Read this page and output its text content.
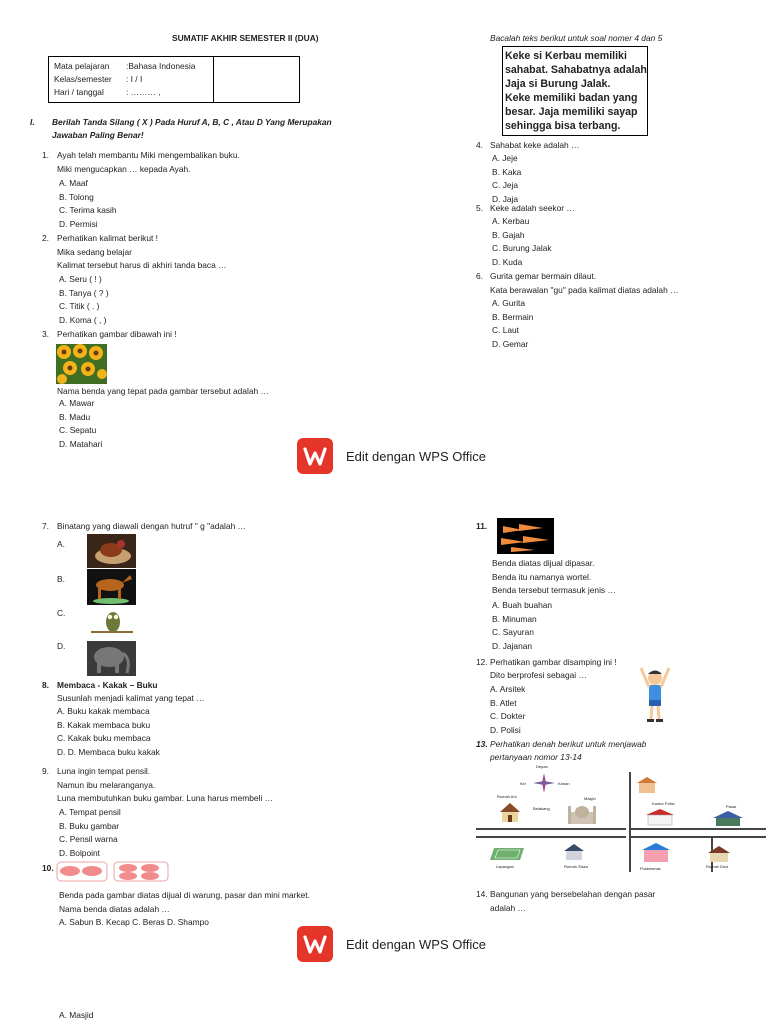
SUMATIF AKHIR SEMESTER II (DUA)
Mata pelajaran :Bahasa Indonesia
Kelas/semester : I / I
Hari / tanggal	: ……… ,
I. Berilah Tanda Silang ( X ) Pada Huruf A, B, C , Atau D Yang Merupakan
Jawaban Paling Benar!
1. Ayah telah membantu Miki mengembalikan buku.
Miki mengucapkan … kepada Ayah.
A. Maaf
B. Tolong
C. Terima kasih
D. Permisi
2. Perhatikan kalimat berikut !
Mika sedang belajar
Kalimat tersebut harus di akhiri tanda baca …
A. Seru ( ! )
B. Tanya ( ? )
C. Titik ( . )
D. Koma ( , )
3. Perhatikan gambar dibawah ini !
Nama benda yang tepat pada gambar tersebut adalah …
A. Mawar
B. Madu
C. Sepatu
D. Matahari
Bacalah teks berikut untuk soal nomer 4 dan 5
Keke si Kerbau memiliki
sahabat. Sahabatnya adalah
Jaja si Burung Jalak.
Keke memiliki badan yang
besar. Jaja memiliki sayap
sehingga bisa terbang.
4. Sahabat keke adalah …
A. Jeje
B. Kaka
C. Jeja
D. Jaja
5. Keke adalah seekor …
A. Kerbau
B. Gajah
C. Burung Jalak
D. Kuda
6. Gurita gemar bermain dilaut.
Kata berawalan "gu" pada kalimat diatas adalah …
A. Gurita
B. Bermain
C. Laut
D. Gemar
Edit dengan WPS Office
7. Binatang yang diawali dengan hutruf " g "adalah …
A.
B.
C.
D.
8. Membaca - Kakak – Buku
Susunlah menjadi kalimat yang tepat …
A. Buku kakak membaca
B. Kakak membaca buku
C. Kakak buku membaca
D. D. Membaca buku kakak
9. Luna ingin tempat pensil.
Namun ibu melaranganya.
Luna membutuhkan buku gambar. Luna harus membeli …
A. Tempat pensil
B. Buku gambar
C. Pensil warna
D. Bolpoint
10.
Benda pada gambar diatas dijual di warung, pasar dan mini market.
Nama benda diatas adalah …
A. Sabun B. Kecap C. Beras D. Shampo
11.
Benda diatas dijual dipasar.
Benda itu namanya wortel.
Benda tersebut termasuk jenis …
A. Buah buahan
B. Minuman
C. Sayuran
D. Jajanan
12. Perhatikan gambar disamping ini !
Dito berprofesi sebagai …
A. Arsitek
B. Atlet
C. Dokter
D. Polisi
13. Perhatikan denah berikut untuk menjawab
pertanyaan nomor 13-14
Depan
Kiri	Kanan
Belakang
Rumah Ani	Masjid
Kantor Polisi
Pasar
Lapangan	Rumah Siska	Puskesmas	Rumah Doni
14. Bangunan yang bersebelahan dengan pasar
adalah …
Edit dengan WPS Office
A. Masjid
